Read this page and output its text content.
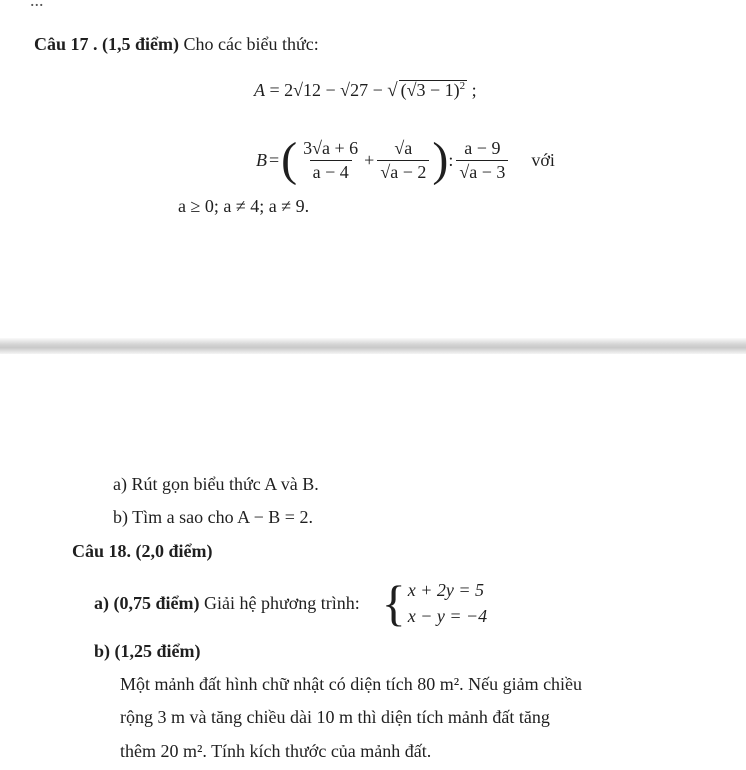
...
Câu 17 . (1,5 điểm) Cho các biểu thức:
A = 2√12 − √27 − √ $(√3 - 1)^2$ ;
B = ( $\frac{3√a + 6}{a - 4} + \frac{√a}{√a - 2}$ ) : $\frac{a - 9}{√a - 3}$ với
a ≥ 0; a ≠ 4; a ≠ 9.
a) Rút gọn biểu thức A và B.
b) Tìm a sao cho A − B = 2.
Câu 18. (2,0 điểm)
a) (0,75 điểm) Giải hệ phương trình: { x + 2y = 5
x − y = −4
b) (1,25 điểm)
Một mảnh đất hình chữ nhật có diện tích 80 m². Nếu giảm chiều
rộng 3 m và tăng chiều dài 10 m thì diện tích mảnh đất tăng
thêm 20 m². Tính kích thước của mảnh đất.
